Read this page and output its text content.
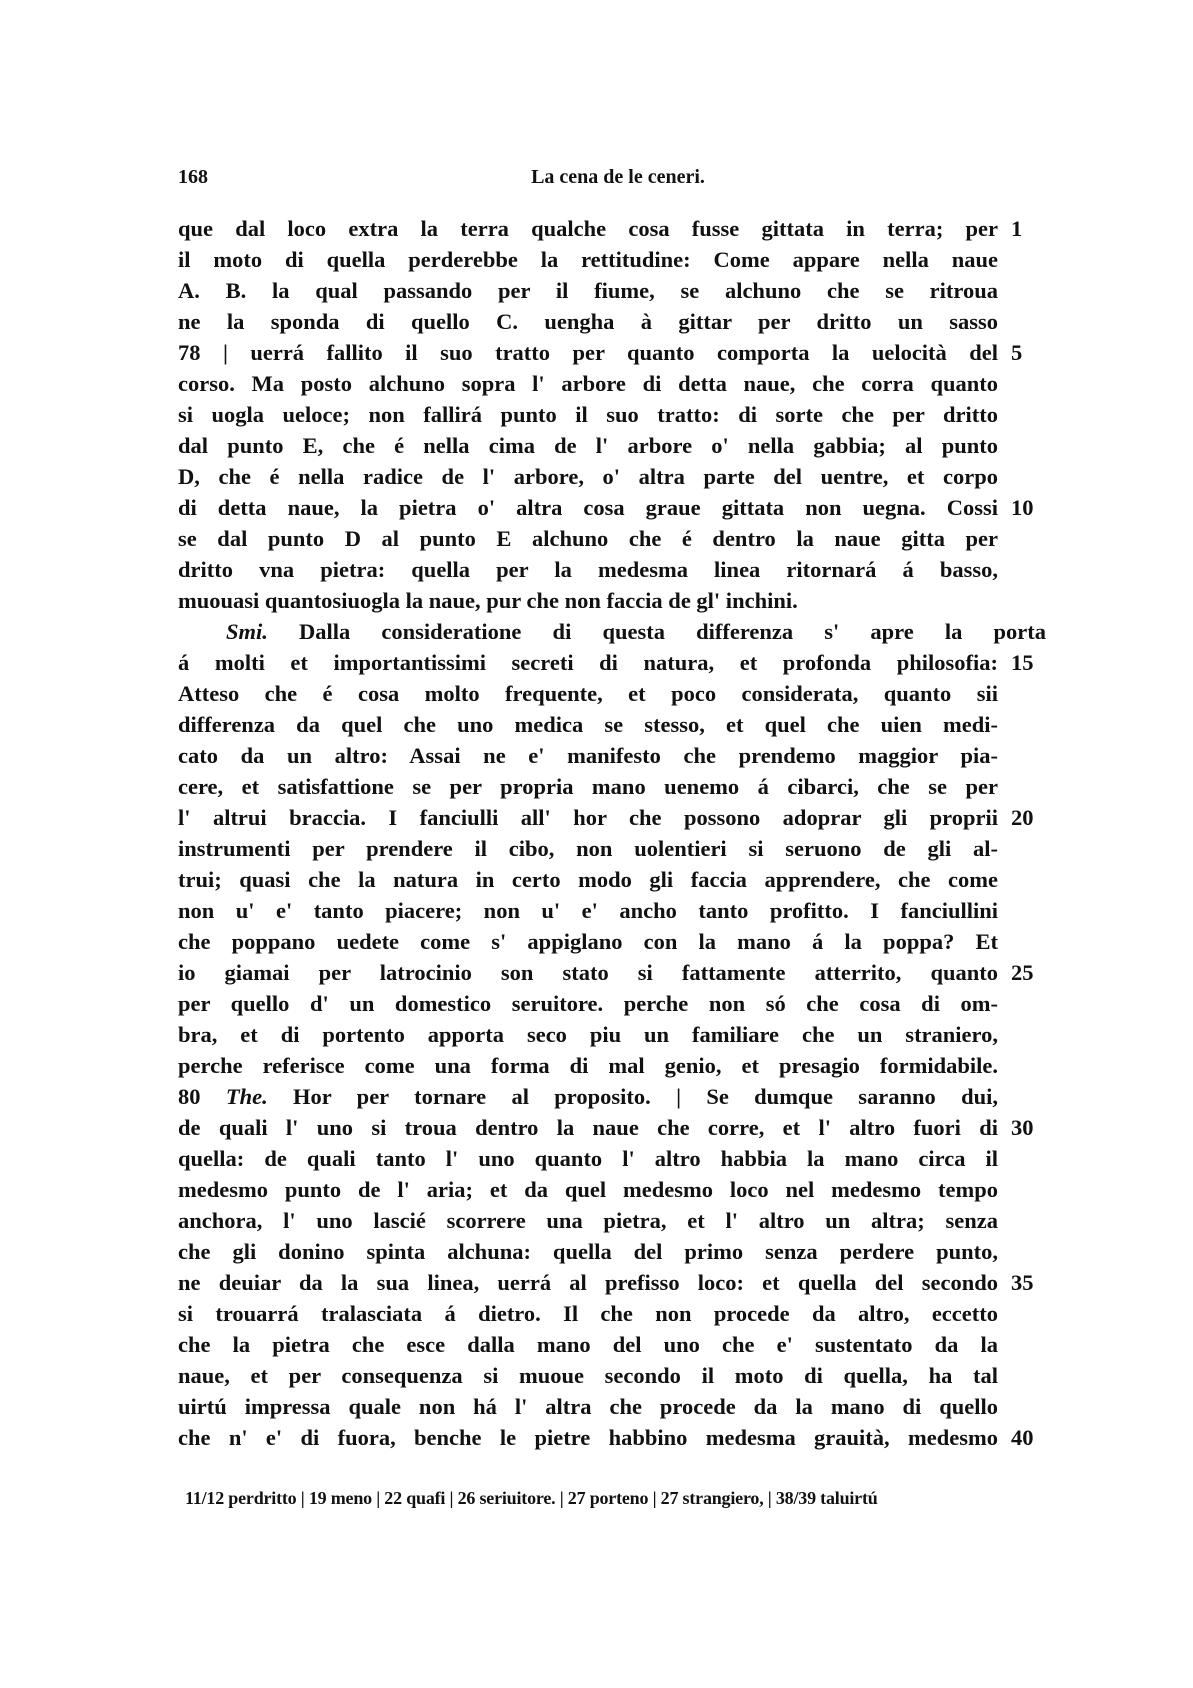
168	La cena de le ceneri.
que dal loco extra la terra qualche cosa fusse gittata in terra; per 1
il moto di quella perderebbe la rettitudine: Come appare nella naue
A. B. la qual passando per il fiume, se alchuno che se ritroua
ne la sponda di quello C. uengha à gittar per dritto un sasso
78 | uerrá fallito il suo tratto per quanto comporta la uelocità del 5
corso. Ma posto alchuno sopra l' arbore di detta naue, che corra quanto
si uogla ueloce; non fallirá punto il suo tratto: di sorte che per dritto
dal punto E, che é nella cima de l' arbore o' nella gabbia; al punto
D, che é nella radice de l' arbore, o' altra parte del uentre, et corpo
di detta naue, la pietra o' altra cosa graue gittata non uegna. Cossi 10
se dal punto D al punto E alchuno che é dentro la naue gitta per
dritto vna pietra: quella per la medesma linea ritornará á basso,
muouasi quantosiuogla la naue, pur che non faccia de gl' inchini.
Smi. Dalla consideratione di questa differenza s' apre la porta
á molti et importantissimi secreti di natura, et profonda philosofia: 15
Atteso che é cosa molto frequente, et poco considerata, quanto sii
differenza da quel che uno medica se stesso, et quel che uien medi-
cato da un altro: Assai ne e' manifesto che prendemo maggior pia-
cere, et satisfattione se per propria mano uenemo á cibarci, che se per
l' altrui braccia. I fanciulli all' hor che possono adoprar gli proprii 20
instrumenti per prendere il cibo, non uolentieri si seruono de gli al-
trui; quasi che la natura in certo modo gli faccia apprendere, che come
non u' e' tanto piacere; non u' e' ancho tanto profitto. I fanciullini
che poppano uedete come s' appiglano con la mano á la poppa? Et
io giamai per latrocinio son stato si fattamente atterrito, quanto 25
per quello d' un domestico seruitore. perche non só che cosa di om-
bra, et di portento apporta seco piu un familiare che un straniero,
perche referisce come una forma di mal genio, et presagio formidabile.
80 The. Hor per tornare al proposito. | Se dumque saranno dui,
de quali l' uno si troua dentro la naue che corre, et l' altro fuori di 30
quella: de quali tanto l' uno quanto l' altro habbia la mano circa il
medesmo punto de l' aria; et da quel medesmo loco nel medesmo tempo
anchora, l' uno lascié scorrere una pietra, et l' altro un altra; senza
che gli donino spinta alchuna: quella del primo senza perdere punto,
ne deuiar da la sua linea, uerrá al prefisso loco: et quella del secondo 35
si trouarrá tralasciata á dietro. Il che non procede da altro, eccetto
che la pietra che esce dalla mano del uno che e' sustentato da la
naue, et per consequenza si muoue secondo il moto di quella, ha tal
uirtú impressa quale non há l' altra che procede da la mano di quello
che n' e' di fuora, benche le pietre habbino medesma grauità, medesmo 40
11/12 perdritto | 19 meno | 22 quafi | 26 seriuitore. | 27 porteno | 27 strangiero, | 38/39 taluirtú
